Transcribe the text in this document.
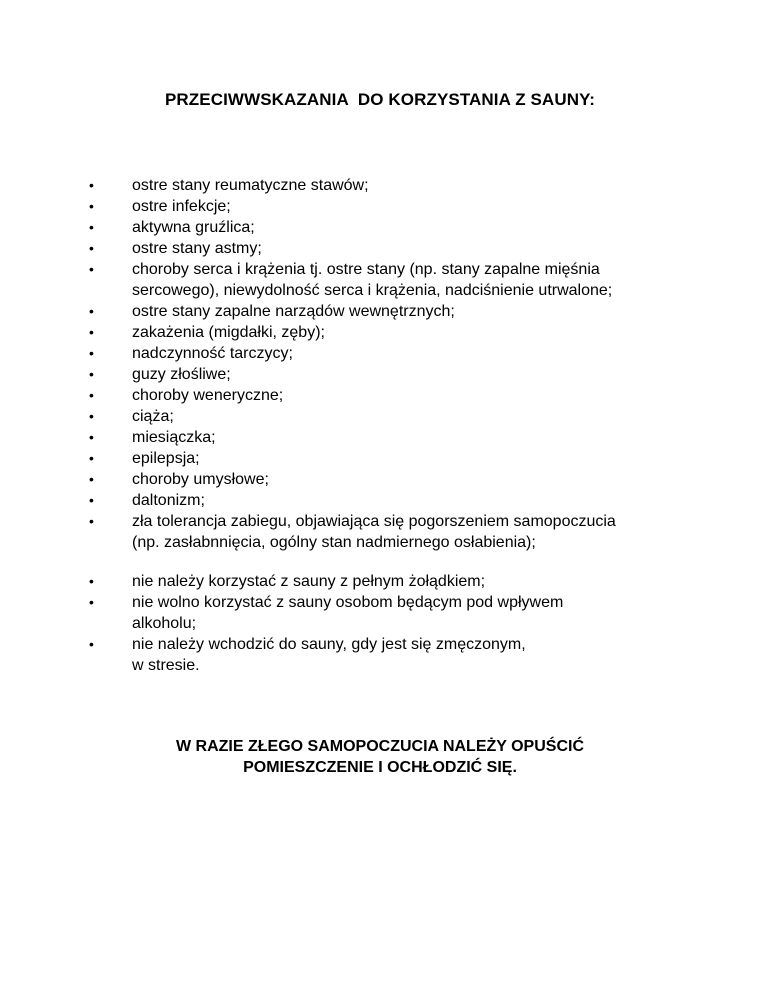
PRZECIWWSKAZANIA  DO KORZYSTANIA Z SAUNY:
•	ostre stany reumatyczne stawów;
•	ostre infekcje;
•	aktywna gruźlica;
•	ostre stany astmy;
•	choroby serca i krążenia tj. ostre stany (np. stany zapalne mięśnia
sercowego), niewydolność serca i krążenia, nadciśnienie utrwalone;
•	ostre stany zapalne narządów wewnętrznych;
•	zakażenia (migdałki, zęby);
•	nadczynność tarczycy;
•	guzy złośliwe;
•	choroby weneryczne;
•	ciąża;
•	miesiączka;
•	epilepsja;
•	choroby umysłowe;
•	daltonizm;
•	zła tolerancja zabiegu, objawiająca się pogorszeniem samopoczucia
(np. zasłabnnięcia, ogólny stan nadmiernego osłabienia);
•	nie należy korzystać z sauny z pełnym żołądkiem;
•	nie wolno korzystać z sauny osobom będącym pod wpływem
alkoholu;
•	nie należy wchodzić do sauny, gdy jest się zmęczonym,
w stresie.
W RAZIE ZŁEGO SAMOPOCZUCIA NALEŻY OPUŚCIĆ
POMIESZCZENIE I OCHŁODZIĆ SIĘ.
